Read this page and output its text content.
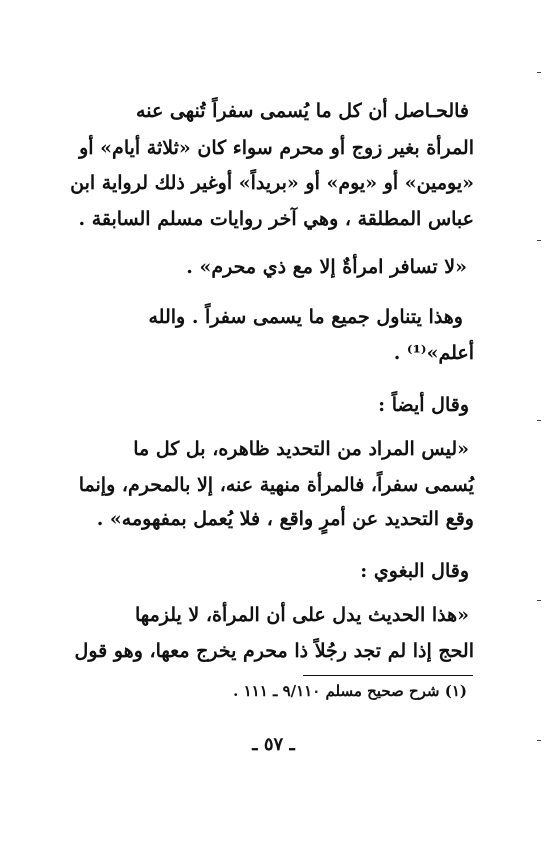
فالحـاصل أن كل ما يُسمى سفراً تُنهى عنه
المرأة بغير زوج أو محرم سواء كان «ثلاثة أيام» أو
«يومين» أو «يوم» أو «بريداً» أوغير ذلك لرواية ابن
عباس المطلقة ، وهي آخر روايات مسلم السابقة .
«لا تسافر امرأةٌ إلا مع ذي محرم» .
وهذا يتناول جميع ما يسمى سفراً . والله
أعلم»⁽¹⁾ .
وقال أيضاً :
«ليس المراد من التحديد ظاهره، بل كل ما
يُسمى سفراً، فالمرأة منهية عنه، إلا بالمحرم، وإنما
وقع التحديد عن أمرٍ واقع ، فلا يُعمل بمفهومه» .
وقال البغوي :
«هذا الحديث يدل على أن المرأة، لا يلزمها
الحج إذا لم تجد رجُلاً ذا محرم يخرج معها، وهو قول
(١) شرح صحيح مسلم ٩/١١٠ ـ ١١١ .
ـ ٥٧ ـ
